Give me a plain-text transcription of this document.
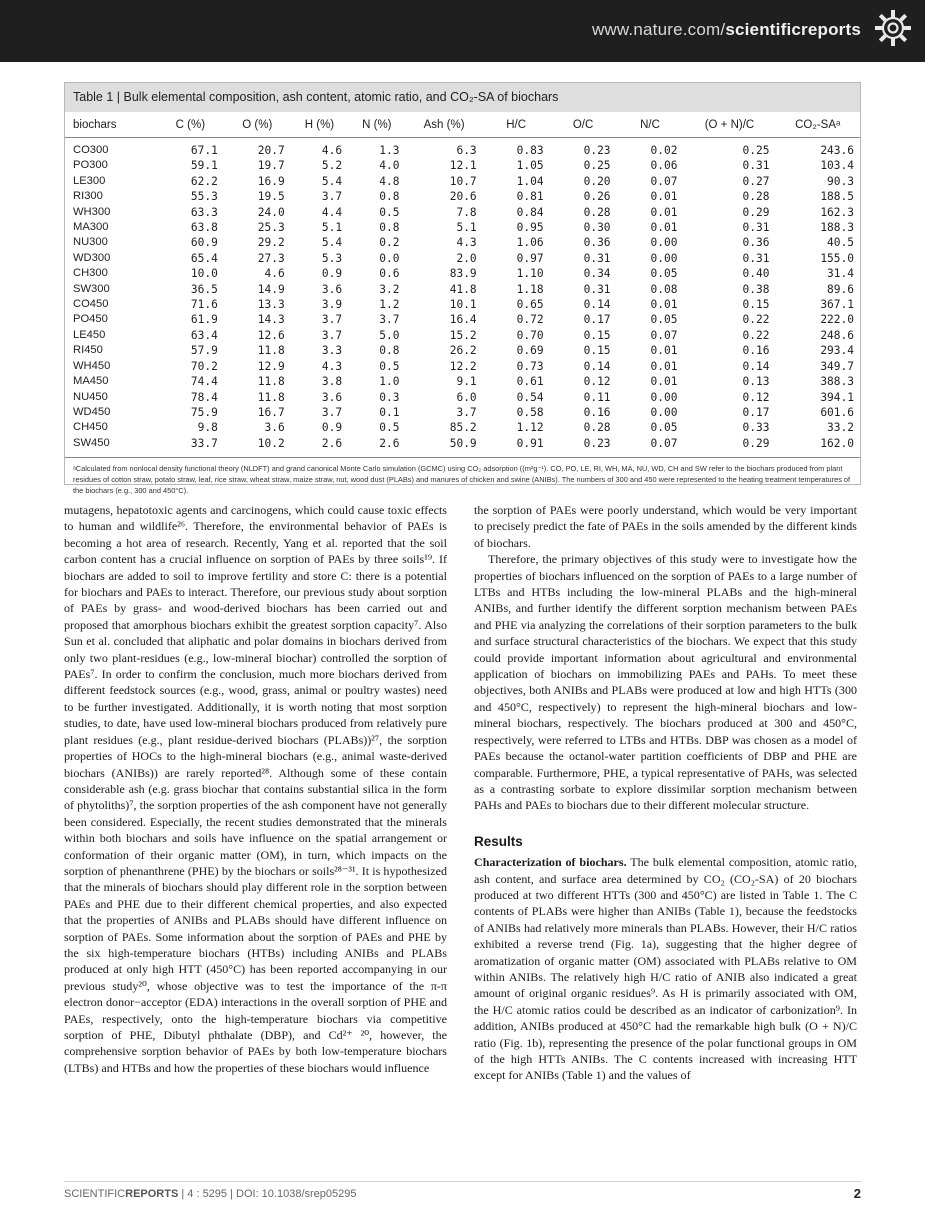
www.nature.com/scientificreports
Table 1 | Bulk elemental composition, ash content, atomic ratio, and CO₂-SA of biochars
biochars	C (%)	O (%)	H (%)	N (%)	Ash (%)	H/C	O/C	N/C	(O + N)/C	CO₂-SAᵃ
CO300	67.1	20.7	4.6	1.3	6.3	0.83	0.23	0.02	0.25	243.6
PO300	59.1	19.7	5.2	4.0	12.1	1.05	0.25	0.06	0.31	103.4
LE300	62.2	16.9	5.4	4.8	10.7	1.04	0.20	0.07	0.27	90.3
RI300	55.3	19.5	3.7	0.8	20.6	0.81	0.26	0.01	0.28	188.5
WH300	63.3	24.0	4.4	0.5	7.8	0.84	0.28	0.01	0.29	162.3
MA300	63.8	25.3	5.1	0.8	5.1	0.95	0.30	0.01	0.31	188.3
NU300	60.9	29.2	5.4	0.2	4.3	1.06	0.36	0.00	0.36	40.5
WD300	65.4	27.3	5.3	0.0	2.0	0.97	0.31	0.00	0.31	155.0
CH300	10.0	4.6	0.9	0.6	83.9	1.10	0.34	0.05	0.40	31.4
SW300	36.5	14.9	3.6	3.2	41.8	1.18	0.31	0.08	0.38	89.6
CO450	71.6	13.3	3.9	1.2	10.1	0.65	0.14	0.01	0.15	367.1
PO450	61.9	14.3	3.7	3.7	16.4	0.72	0.17	0.05	0.22	222.0
LE450	63.4	12.6	3.7	5.0	15.2	0.70	0.15	0.07	0.22	248.6
RI450	57.9	11.8	3.3	0.8	26.2	0.69	0.15	0.01	0.16	293.4
WH450	70.2	12.9	4.3	0.5	12.2	0.73	0.14	0.01	0.14	349.7
MA450	74.4	11.8	3.8	1.0	9.1	0.61	0.12	0.01	0.13	388.3
NU450	78.4	11.8	3.6	0.3	6.0	0.54	0.11	0.00	0.12	394.1
WD450	75.9	16.7	3.7	0.1	3.7	0.58	0.16	0.00	0.17	601.6
CH450	9.8	3.6	0.9	0.5	85.2	1.12	0.28	0.05	0.33	33.2
SW450	33.7	10.2	2.6	2.6	50.9	0.91	0.23	0.07	0.29	162.0
ᵃCalculated from nonlocal density functional theory (NLDFT) and grand canonical Monte Carlo simulation (GCMC) using CO₂ adsorption ((m²g⁻¹). CO, PO, LE, RI, WH, MA, NU, WD, CH and SW refer to the biochars produced from plant residues of cotton straw, potato straw, leaf, rice straw, wheat straw, maize straw, nut, wood dust (PLABs) and manures of chicken and swine (ANIBs). The numbers of 300 and 450 were represented to the heating treatment temperatures of the biochars (e.g., 300 and 450°C).

mutagens, hepatotoxic agents and carcinogens, which could cause toxic effects to human and wildlife²⁶. Therefore, the environmental behavior of PAEs is becoming a hot area of research. Recently, Yang et al. reported that the soil carbon content has a crucial influence on sorption of PAEs by three soils¹⁹. If biochars are added to soil to improve fertility and store C: there is a potential for biochars and PAEs to interact. Therefore, our previous study about sorption of PAEs by grass- and wood-derived biochars has been carried out and proposed that amorphous biochars exhibit the greatest sorption capacity⁷. Also Sun et al. concluded that aliphatic and polar domains in biochars derived from only two plant-residues (e.g., low-mineral biochar) controlled the sorption of PAEs⁷. In order to confirm the conclusion, much more biochars derived from different feedstock sources (e.g., wood, grass, animal or poultry wastes) need to be further investigated. Additionally, it is worth noting that most sorption studies, to date, have used low-mineral biochars produced from relatively pure plant residues (e.g., plant residue-derived biochars (PLABs))²⁷, the sorption properties of HOCs to the high-mineral biochars (e.g., animal waste-derived biochars (ANIBs)) are rarely reported²⁸. Although some of these contain considerable ash (e.g. grass biochar that contains substantial silica in the form of phytoliths)⁷, the sorption properties of the ash component have not generally been considered. Especially, the recent studies demonstrated that the minerals within both biochars and soils have influence on the spatial arrangement or conformation of their organic matter (OM), in turn, which impacts on the sorption of phenanthrene (PHE) by the biochars or soils²⁸⁻³¹. It is hypothesized that the minerals of biochars should play different role in the sorption between PAEs and PHE due to their different chemical properties, and also expected that the properties of ANIBs and PLABs should have different influence on sorption of PAEs. Some information about the sorption of PAEs and PHE by the six high-temperature biochars (HTBs) including ANIBs and PLABs produced at only high HTT (450°C) has been reported accompanying in our previous study²⁰, whose objective was to test the importance of the π-π electron donor−acceptor (EDA) interactions in the overall sorption of PHE and PAEs, respectively, onto the high-temperature biochars via competitive sorption of PHE, Dibutyl phthalate (DBP), and Cd²⁺ ²⁰, however, the comprehensive sorption behavior of PAEs by both low-temperature biochars (LTBs) and HTBs and how the properties of these biochars would influence

the sorption of PAEs were poorly understand, which would be very important to precisely predict the fate of PAEs in the soils amended by the different kinds of biochars.

Therefore, the primary objectives of this study were to investigate how the properties of biochars influenced on the sorption of PAEs to a large number of LTBs and HTBs including the low-mineral PLABs and the high-mineral ANIBs, and further identify the different sorption mechanism between PAEs and PHE via analyzing the correlations of their sorption parameters to the bulk and surface structural characteristics of the biochars. We expect that this study could provide important information about agricultural and environmental application of biochars on immobilizing PAEs and PAHs. To meet these objectives, both ANIBs and PLABs were produced at low and high HTTs (300 and 450°C, respectively) to represent the high-mineral biochars and low-mineral biochars, respectively. The biochars produced at 300 and 450°C, respectively, were referred to LTBs and HTBs. DBP was chosen as a model of PAEs because the octanol-water partition coefficients of DBP and PHE are comparable. Furthermore, PHE, a typical representative of PAHs, was selected as a contrasting sorbate to explore dissimilar sorption mechanism between PAHs and PAEs to biochars due to their different molecular structure.

Results

Characterization of biochars. The bulk elemental composition, atomic ratio, ash content, and surface area determined by CO₂ (CO₂-SA) of 20 biochars produced at two different HTTs (300 and 450°C) are listed in Table 1. The C contents of PLABs were higher than ANIBs (Table 1), because the feedstocks of ANIBs had relatively more minerals than PLABs. However, their H/C ratios exhibited a reverse trend (Fig. 1a), suggesting that the higher degree of aromatization of organic matter (OM) associated with PLABs relative to OM within ANIBs. The relatively high H/C ratio of ANIB also indicated a great amount of original organic residues⁹. As H is primarily associated with OM, the H/C atomic ratios could be described as an indicator of carbonization⁹. In addition, ANIBs produced at 450°C had the remarkable high bulk (O + N)/C ratio (Fig. 1b), representing the presence of the polar functional groups in OM of the high HTTs ANIBs. The C contents increased with increasing HTT except for ANIBs (Table 1) and the values of

SCIENTIFICREPORTS | 4 : 5295 | DOI: 10.1038/srep05295	2
